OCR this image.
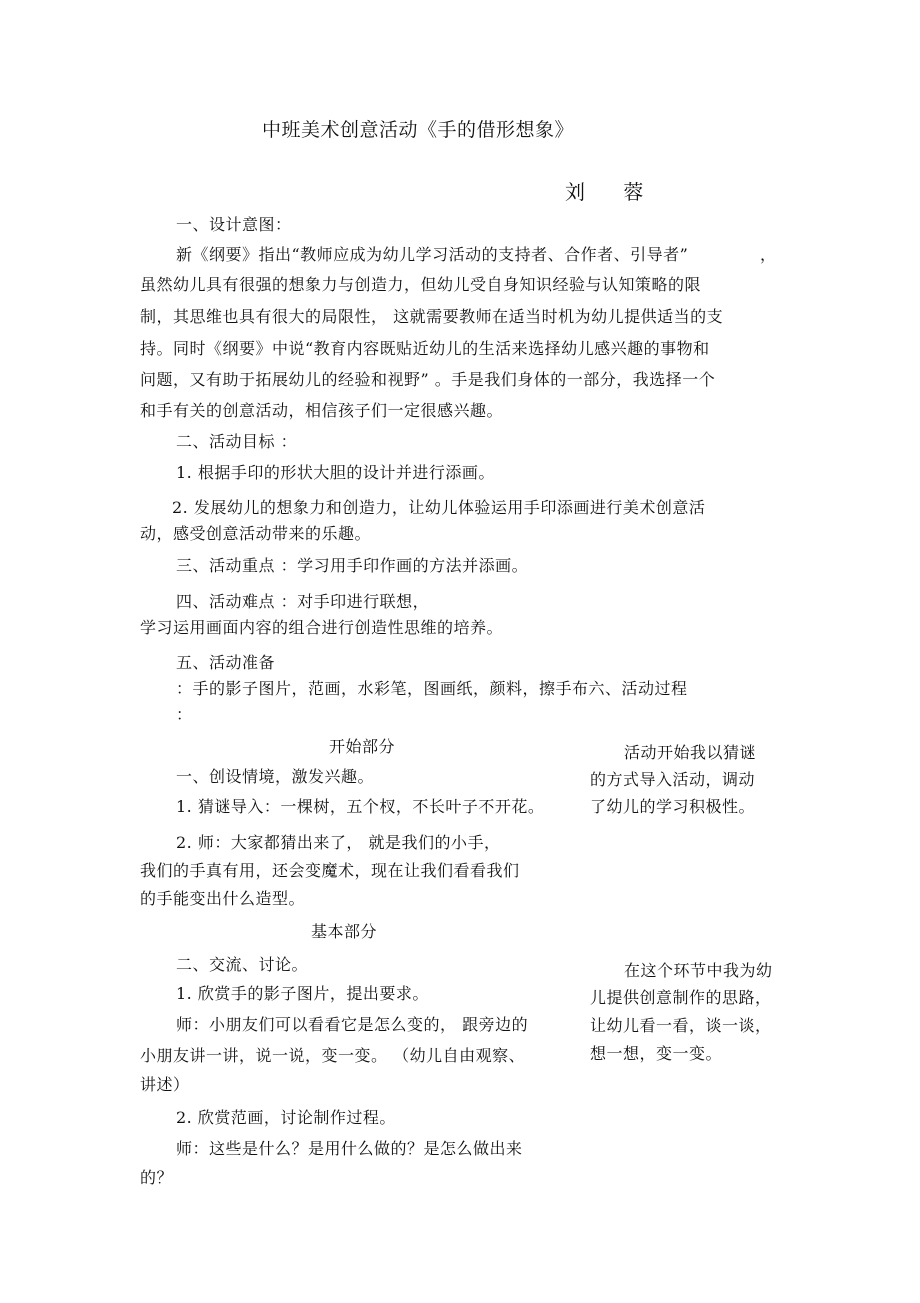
中班美术创意活动《手的借形想象》
刘 蓉
一、设计意图：
新《纲要》指出“教师应成为幼儿学习活动的支持者、合作者、引导者”	，
虽然幼儿具有很强的想象力与创造力，但幼儿受自身知识经验与认知策略的限
制，其思维也具有很大的局限性， 这就需要教师在适当时机为幼儿提供适当的支
持。同时《纲要》中说“教育内容既贴近幼儿的生活来选择幼儿感兴趣的事物和
问题，又有助于拓展幼儿的经验和视野” 。手是我们身体的一部分，我选择一个
和手有关的创意活动，相信孩子们一定很感兴趣。
二、活动目标 ：
1. 根据手印的形状大胆的设计并进行添画。
2. 发展幼儿的想象力和创造力，让幼儿体验运用手印添画进行美术创意活
动，感受创意活动带来的乐趣。
三、活动重点 ：学习用手印作画的方法并添画。
四、活动难点 ：对手印进行联想，
学习运用画面内容的组合进行创造性思维的培养。
五、活动准备
：手的影子图片，范画，水彩笔，图画纸，颜料，擦手布六、活动过程
：
开始部分
一、创设情境，激发兴趣。
1. 猜谜导入：一棵树，五个杈，不长叶子不开花。
2. 师：大家都猜出来了， 就是我们的小手，
我们的手真有用，还会变魔术，现在让我们看看我们
的手能变出什么造型。
基本部分
二、交流、讨论。
1. 欣赏手的影子图片，提出要求。
师：小朋友们可以看看它是怎么变的， 跟旁边的
小朋友讲一讲，说一说，变一变。 （幼儿自由观察、
讲述）
2. 欣赏范画，讨论制作过程。
师：这些是什么？是用什么做的？是怎么做出来
的？
活动开始我以猜谜
的方式导入活动，调动
了幼儿的学习积极性。
在这个环节中我为幼
儿提供创意制作的思路，
让幼儿看一看，谈一谈，
想一想，变一变。
